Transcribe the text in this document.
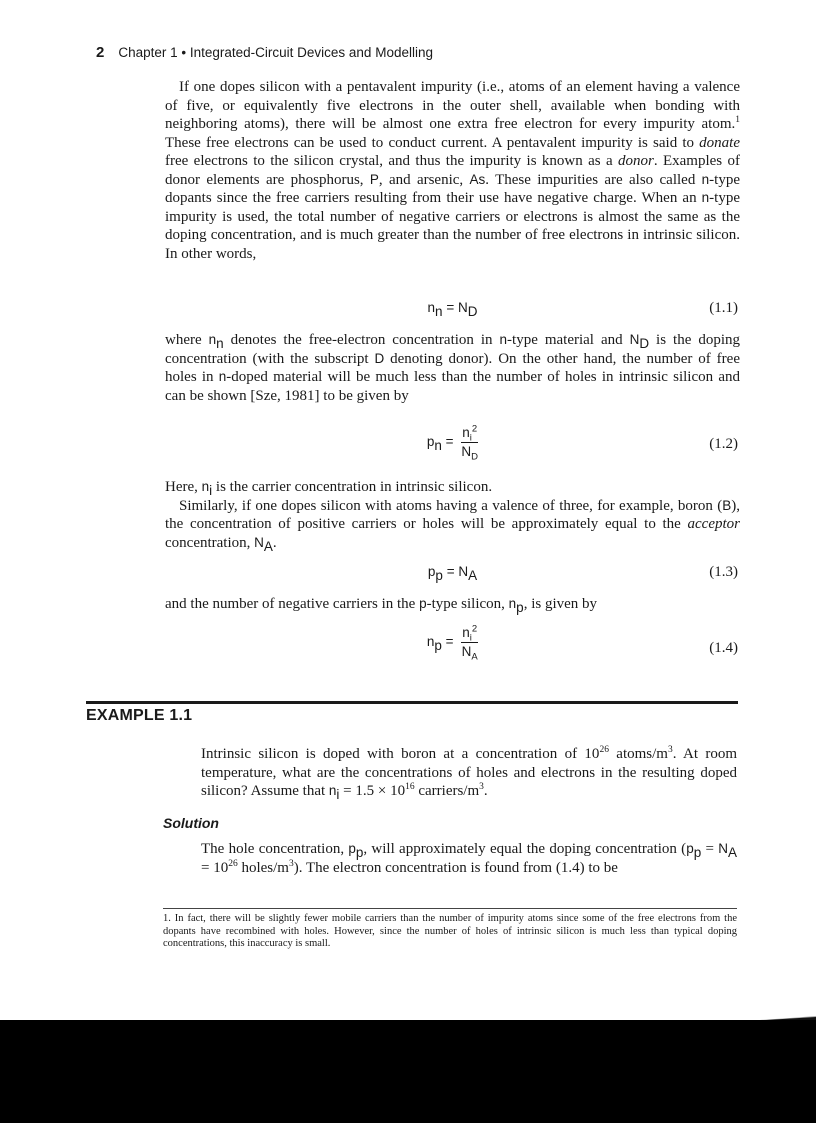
2 Chapter 1 • Integrated-Circuit Devices and Modelling

If one dopes silicon with a pentavalent impurity (i.e., atoms of an element having a valence of five, or equivalently five electrons in the outer shell, available when bonding with neighboring atoms), there will be almost one extra free electron for every impurity atom.$^1$ These free electrons can be used to conduct current. A pentavalent impurity is said to donate free electrons to the silicon crystal, and thus the impurity is known as a donor. Examples of donor elements are phosphorus, P, and arsenic, As. These impurities are also called n-type dopants since the free carriers resulting from their use have negative charge. When an n-type impurity is used, the total number of negative carriers or electrons is almost the same as the doping concentration, and is much greater than the number of free electrons in intrinsic silicon. In other words,

$n_n = N_D$	(1.1)

where $n_n$ denotes the free-electron concentration in n-type material and $N_D$ is the doping concentration (with the subscript D denoting donor). On the other hand, the number of free holes in n-doped material will be much less than the number of holes in intrinsic silicon and can be shown [Sze, 1981] to be given by

$p_n = \frac{n_i^2}{N_D}$	(1.2)

Here, $n_i$ is the carrier concentration in intrinsic silicon.

Similarly, if one dopes silicon with atoms having a valence of three, for example, boron (B), the concentration of positive carriers or holes will be approximately equal to the acceptor concentration, $N_A$.

$p_p = N_A$	(1.3)

and the number of negative carriers in the p-type silicon, $n_p$, is given by

$n_p = \frac{n_i^2}{N_A}$	(1.4)
EXAMPLE 1.1
Intrinsic silicon is doped with boron at a concentration of $10^{26}$ atoms/$m^3$. At room temperature, what are the concentrations of holes and electrons in the resulting doped silicon? Assume that $n_i = 1.5 \times 10^{16}$ carriers/$m^3$.
Solution
The hole concentration, $p_p$, will approximately equal the doping concentration ($p_p = N_A = 10^{26}$ holes/$m^3$). The electron concentration is found from (1.4) to be
1. In fact, there will be slightly fewer mobile carriers than the number of impurity atoms since some of the free electrons from the dopants have recombined with holes. However, since the number of holes of intrinsic silicon is much less than typical doping concentrations, this inaccuracy is small.
